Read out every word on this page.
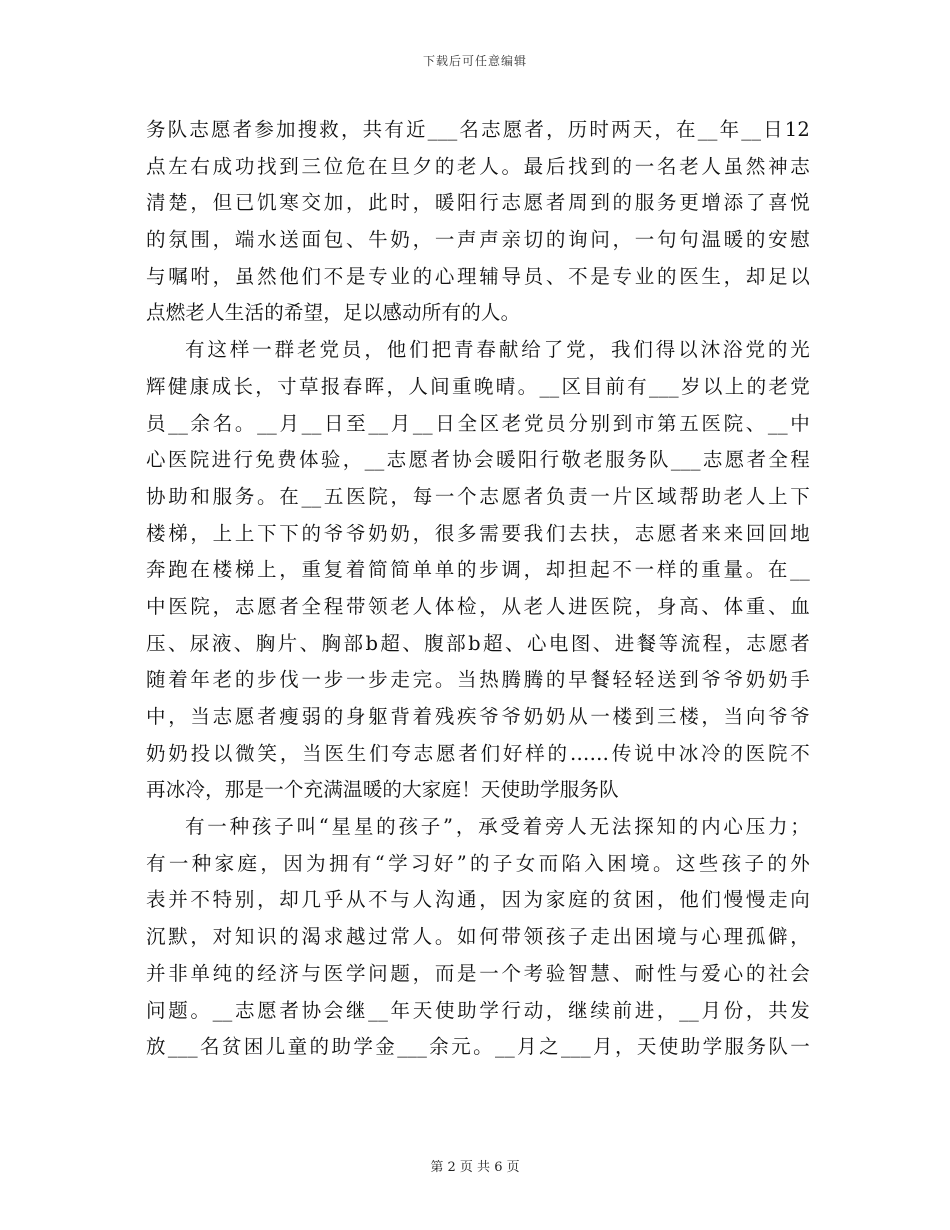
下载后可任意编辑
务队志愿者参加搜救，共有近___名志愿者，历时两天，在__年__日12
点左右成功找到三位危在旦夕的老人。最后找到的一名老人虽然神志
清楚，但已饥寒交加，此时，暖阳行志愿者周到的服务更增添了喜悦
的氛围，端水送面包、牛奶，一声声亲切的询问，一句句温暖的安慰
与嘱咐，虽然他们不是专业的心理辅导员、不是专业的医生，却足以
点燃老人生活的希望，足以感动所有的人。
有这样一群老党员，他们把青春献给了党，我们得以沐浴党的光
辉健康成长，寸草报春晖，人间重晚晴。__区目前有___岁以上的老党
员__余名。__月__日至__月__日全区老党员分别到市第五医院、__中
心医院进行免费体验，__志愿者协会暖阳行敬老服务队___志愿者全程
协助和服务。在__五医院，每一个志愿者负责一片区域帮助老人上下
楼梯，上上下下的爷爷奶奶，很多需要我们去扶，志愿者来来回回地
奔跑在楼梯上，重复着简简单单的步调，却担起不一样的重量。在__
中医院，志愿者全程带领老人体检，从老人进医院，身高、体重、血
压、尿液、胸片、胸部b超、腹部b超、心电图、进餐等流程，志愿者
随着年老的步伐一步一步走完。当热腾腾的早餐轻轻送到爷爷奶奶手
中，当志愿者瘦弱的身躯背着残疾爷爷奶奶从一楼到三楼，当向爷爷
奶奶投以微笑，当医生们夸志愿者们好样的……传说中冰冷的医院不
再冰冷，那是一个充满温暖的大家庭！天使助学服务队
有一种孩子叫“星星的孩子”，承受着旁人无法探知的内心压力；
有一种家庭，因为拥有“学习好”的子女而陷入困境。这些孩子的外
表并不特别，却几乎从不与人沟通，因为家庭的贫困，他们慢慢走向
沉默，对知识的渴求越过常人。如何带领孩子走出困境与心理孤僻，
并非单纯的经济与医学问题，而是一个考验智慧、耐性与爱心的社会
问题。__志愿者协会继__年天使助学行动，继续前进，__月份，共发
放___名贫困儿童的助学金___余元。__月之___月，天使助学服务队一
第 2 页 共 6 页
